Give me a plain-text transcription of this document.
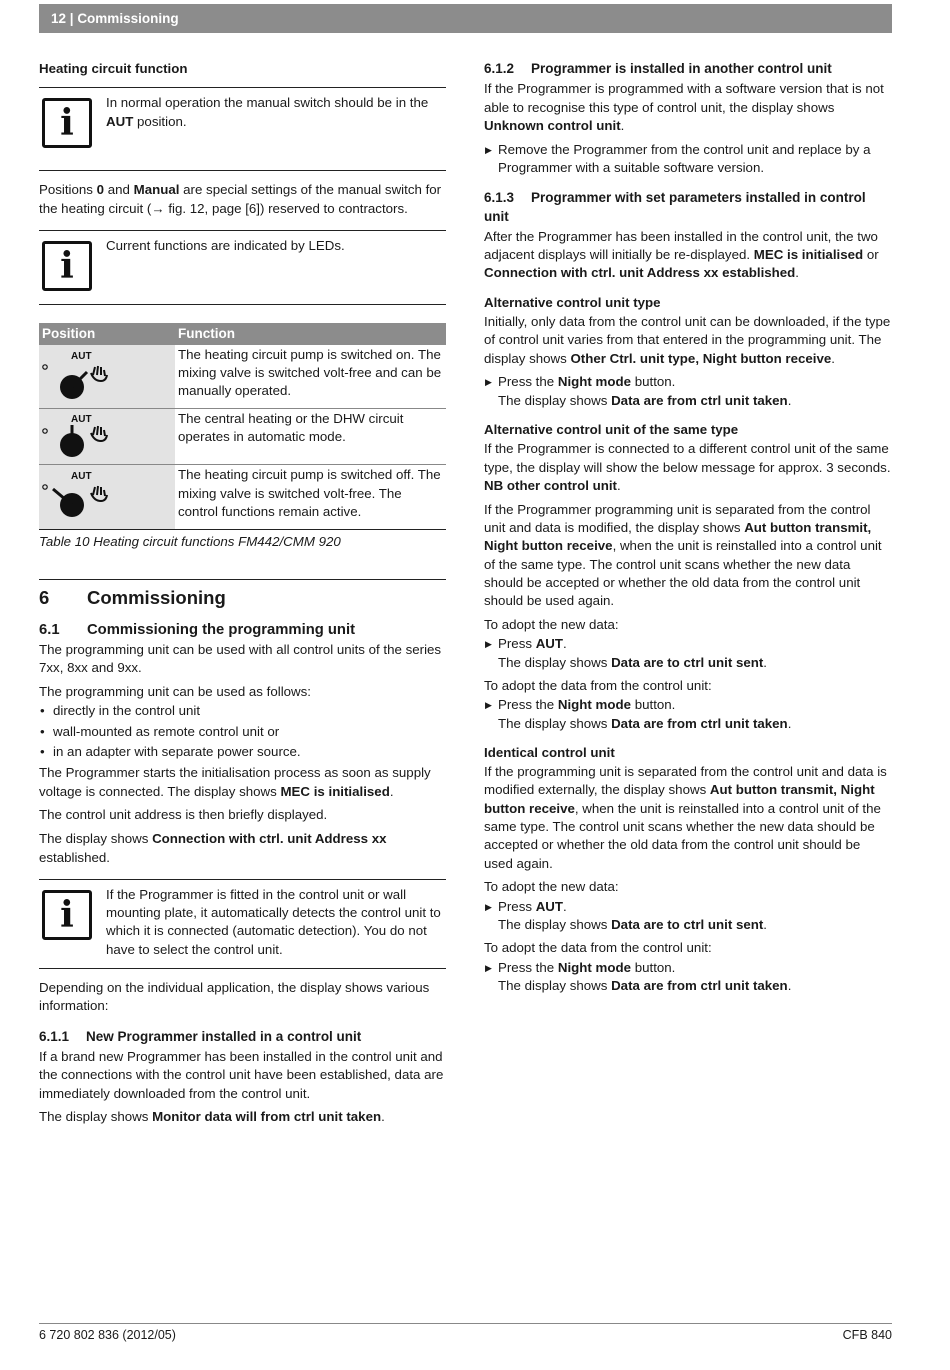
12 | Commissioning
Heating circuit function
i In normal operation the manual switch should be in the AUT position.

Positions 0 and Manual are special settings of the manual switch for the heating circuit (→ fig. 12, page [6]) reserved to contractors.

i Current functions are indicated by LEDs.
Position	Function

AUT	The heating circuit pump is switched on. The mixing valve is switched volt-free and can be manually operated.

AUT	The central heating or the DHW circuit operates in automatic mode.

AUT	The heating circuit pump is switched off. The mixing valve is switched volt-free. The control functions remain active.
Table 10 Heating circuit functions FM442/CMM 920
6 Commissioning
6.1 Commissioning the programming unit

The programming unit can be used with all control units of the series 7xx, 8xx and 9xx.

The programming unit can be used as follows:

• directly in the control unit
• wall-mounted as remote control unit or
• in an adapter with separate power source.

The Programmer starts the initialisation process as soon as supply voltage is connected. The display shows MEC is initialised.

The control unit address is then briefly displayed.

The display shows Connection with ctrl. unit Address xx established.

i If the Programmer is fitted in the control unit or wall mounting plate, it automatically detects the control unit to which it is connected (automatic detection). You do not have to select the control unit.

Depending on the individual application, the display shows various information:

6.1.1 New Programmer installed in a control unit

If a brand new Programmer has been installed in the control unit and the connections with the control unit have been established, data are immediately downloaded from the control unit.

The display shows Monitor data will from ctrl unit taken.

6.1.2 Programmer is installed in another control unit

If the Programmer is programmed with a software version that is not able to recognise this type of control unit, the display shows Unknown control unit.

▶ Remove the Programmer from the control unit and replace by a Programmer with a suitable software version.
6.1.3 Programmer with set parameters installed in control unit

After the Programmer has been installed in the control unit, the two adjacent displays will initially be re-displayed. MEC is initialised or Connection with ctrl. unit Address xx established.

Alternative control unit type

Initially, only data from the control unit can be downloaded, if the type of control unit varies from that entered in the programming unit. The display shows Other Ctrl. unit type, Night button receive.

▶ Press the Night mode button.
The display shows Data are from ctrl unit taken.
Alternative control unit of the same type

If the Programmer is connected to a different control unit of the same type, the display will show the below message for approx. 3 seconds. NB other control unit.

If the Programmer programming unit is separated from the control unit and data is modified, the display shows Aut button transmit, Night button receive, when the unit is reinstalled into a control unit of the same type. The control unit scans whether the new data should be accepted or whether the old data from the control unit should be used again.

To adopt the new data:

▶ Press AUT.
The display shows Data are to ctrl unit sent.

To adopt the data from the control unit:

▶ Press the Night mode button.
The display shows Data are from ctrl unit taken.
Identical control unit

If the programming unit is separated from the control unit and data is modified externally, the display shows Aut button transmit, Night button receive, when the unit is reinstalled into a control unit of the same type. The control unit scans whether the new data should be accepted or whether the old data from the control unit should be used again.

To adopt the new data:

▶ Press AUT.
The display shows Data are to ctrl unit sent.

To adopt the data from the control unit:

▶ Press the Night mode button.
The display shows Data are from ctrl unit taken.
6 720 802 836 (2012/05)	CFB 840
